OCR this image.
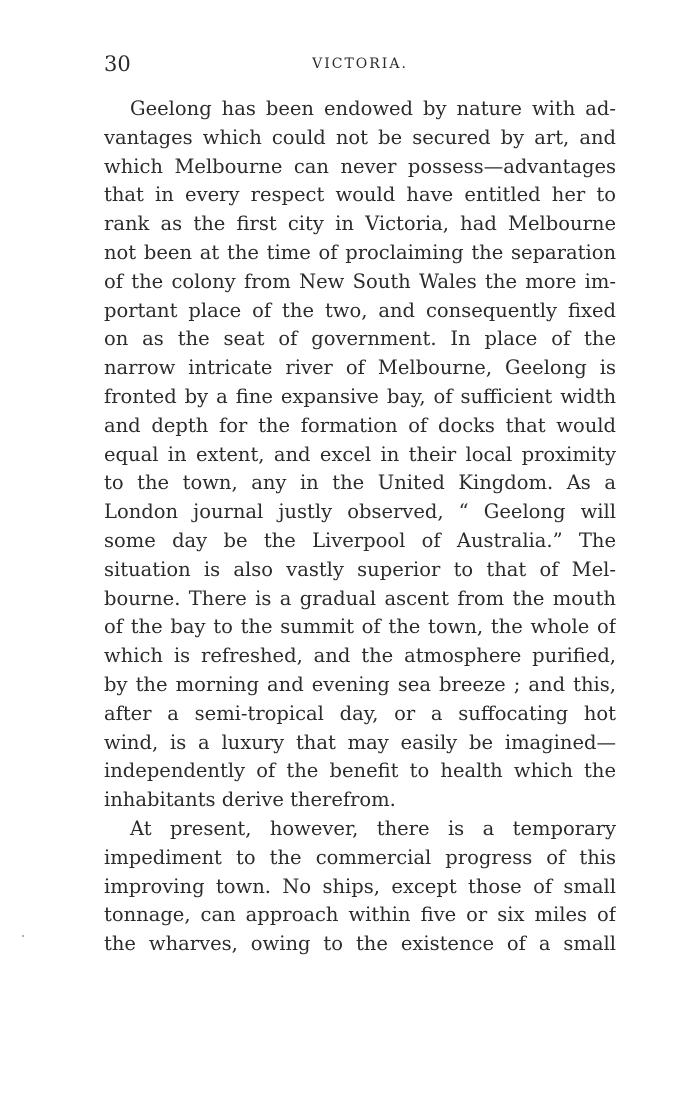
30	VICTORIA.
Geelong has been endowed by nature with ad-
vantages which could not be secured by art, and
which Melbourne can never possess—advantages
that in every respect would have entitled her to
rank as the first city in Victoria, had Melbourne
not been at the time of proclaiming the separation
of the colony from New South Wales the more im-
portant place of the two, and consequently fixed
on as the seat of government. In place of the
narrow intricate river of Melbourne, Geelong is
fronted by a fine expansive bay, of sufficient width
and depth for the formation of docks that would
equal in extent, and excel in their local proximity
to the town, any in the United Kingdom. As a
London journal justly observed, “ Geelong will
some day be the Liverpool of Australia.” The
situation is also vastly superior to that of Mel-
bourne. There is a gradual ascent from the mouth
of the bay to the summit of the town, the whole of
which is refreshed, and the atmosphere purified,
by the morning and evening sea breeze ; and this,
after a semi-tropical day, or a suffocating hot
wind, is a luxury that may easily be imagined—
independently of the benefit to health which the
inhabitants derive therefrom.
At present, however, there is a temporary
impediment to the commercial progress of this
improving town. No ships, except those of small
tonnage, can approach within five or six miles of
the wharves, owing to the existence of a small
